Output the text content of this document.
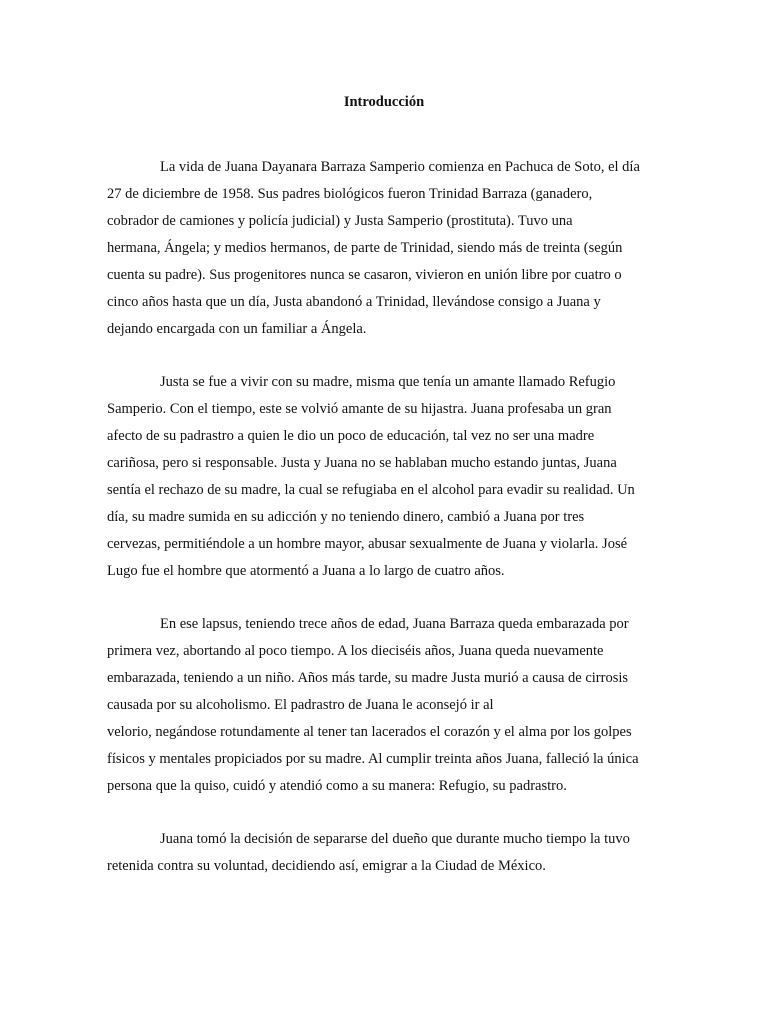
Introducción

La vida de Juana Dayanara Barraza Samperio comienza en Pachuca de Soto, el día

27 de diciembre de 1958. Sus padres biológicos fueron Trinidad Barraza (ganadero,

cobrador de camiones y policía judicial) y Justa Samperio (prostituta). Tuvo una

hermana, Ángela; y medios hermanos, de parte de Trinidad, siendo más de treinta (según

cuenta su padre). Sus progenitores nunca se casaron, vivieron en unión libre por cuatro o

cinco años hasta que un día, Justa abandonó a Trinidad, llevándose consigo a Juana y

dejando encargada con un familiar a Ángela.

Justa se fue a vivir con su madre, misma que tenía un amante llamado Refugio

Samperio. Con el tiempo, este se volvió amante de su hijastra. Juana profesaba un gran

afecto de su padrastro a quien le dio un poco de educación, tal vez no ser una madre

cariñosa, pero si responsable. Justa y Juana no se hablaban mucho estando juntas, Juana

sentía el rechazo de su madre, la cual se refugiaba en el alcohol para evadir su realidad. Un

día, su madre sumida en su adicción y no teniendo dinero, cambió a Juana por tres

cervezas, permitiéndole a un hombre mayor, abusar sexualmente de Juana y violarla. José

Lugo fue el hombre que atormentó a Juana a lo largo de cuatro años.

En ese lapsus, teniendo trece años de edad, Juana Barraza queda embarazada por

primera vez, abortando al poco tiempo. A los dieciséis años, Juana queda nuevamente

embarazada, teniendo a un niño. Años más tarde, su madre Justa murió a causa de cirrosis

causada por su alcoholismo. El padrastro de Juana le aconsejó ir al

velorio, negándose rotundamente al tener tan lacerados el corazón y el alma por los golpes

físicos y mentales propiciados por su madre. Al cumplir treinta años Juana, falleció la única

persona que la quiso, cuidó y atendió como a su manera: Refugio, su padrastro.

Juana tomó la decisión de separarse del dueño que durante mucho tiempo la tuvo

retenida contra su voluntad, decidiendo así, emigrar a la Ciudad de México.
